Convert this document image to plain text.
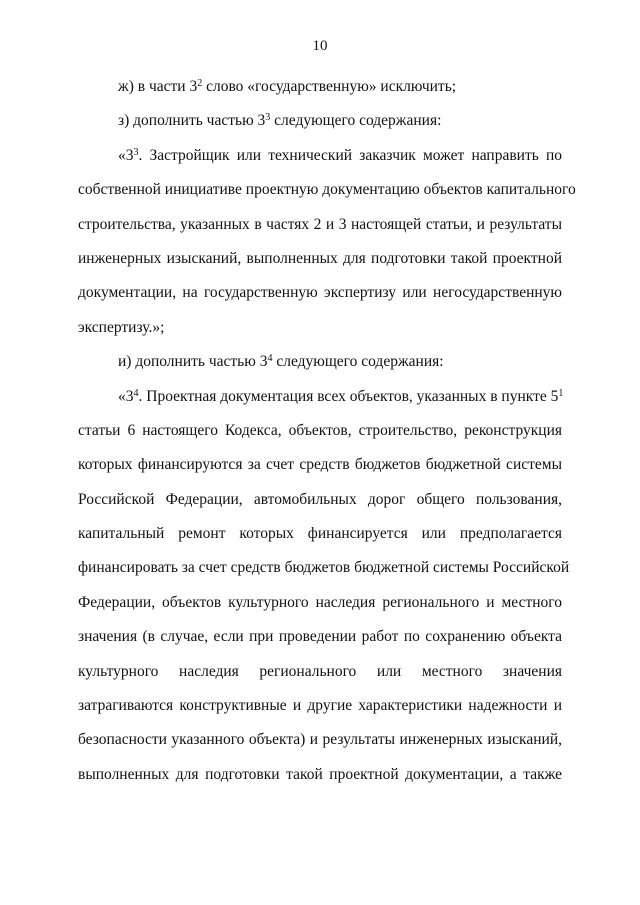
10
ж) в части $3^2$ слово «государственную» исключить;
з) дополнить частью $3^3$ следующего содержания:
«$3^3$. Застройщик или технический заказчик может направить по
собственной инициативе проектную документацию объектов капитального
строительства, указанных в частях 2 и 3 настоящей статьи, и результаты
инженерных изысканий, выполненных для подготовки такой проектной
документации, на государственную экспертизу или негосударственную
экспертизу.»;
и) дополнить частью $3^4$ следующего содержания:
«$3^4$. Проектная документация всех объектов, указанных в пункте $5^1$
статьи 6 настоящего Кодекса, объектов, строительство, реконструкция
которых финансируются за счет средств бюджетов бюджетной системы
Российской Федерации, автомобильных дорог общего пользования,
капитальный ремонт которых финансируется или предполагается
финансировать за счет средств бюджетов бюджетной системы Российской
Федерации, объектов культурного наследия регионального и местного
значения (в случае, если при проведении работ по сохранению объекта
культурного наследия регионального или местного значения
затрагиваются конструктивные и другие характеристики надежности и
безопасности указанного объекта) и результаты инженерных изысканий,
выполненных для подготовки такой проектной документации, а также
